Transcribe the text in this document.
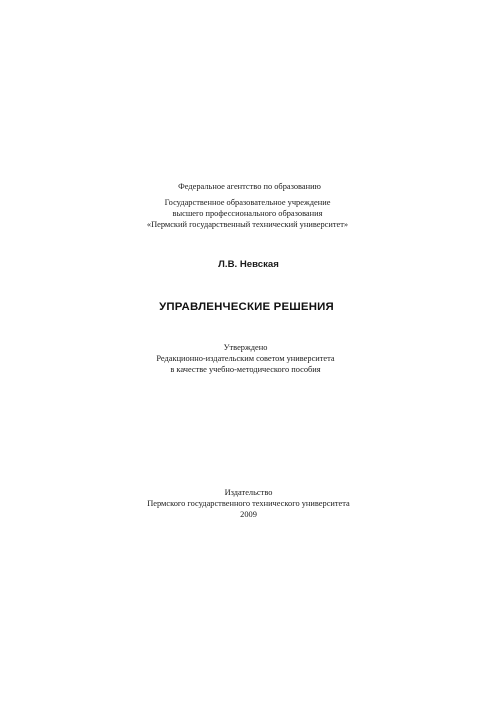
Федеральное агентство по образованию
Государственное образовательное учреждение
высшего профессионального образования
«Пермский государственный технический университет»
Л.В. Невская
УПРАВЛЕНЧЕСКИЕ РЕШЕНИЯ
Утверждено
Редакционно-издательским советом университета
в качестве учебно-методического пособия
Издательство
Пермского государственного технического университета
2009
